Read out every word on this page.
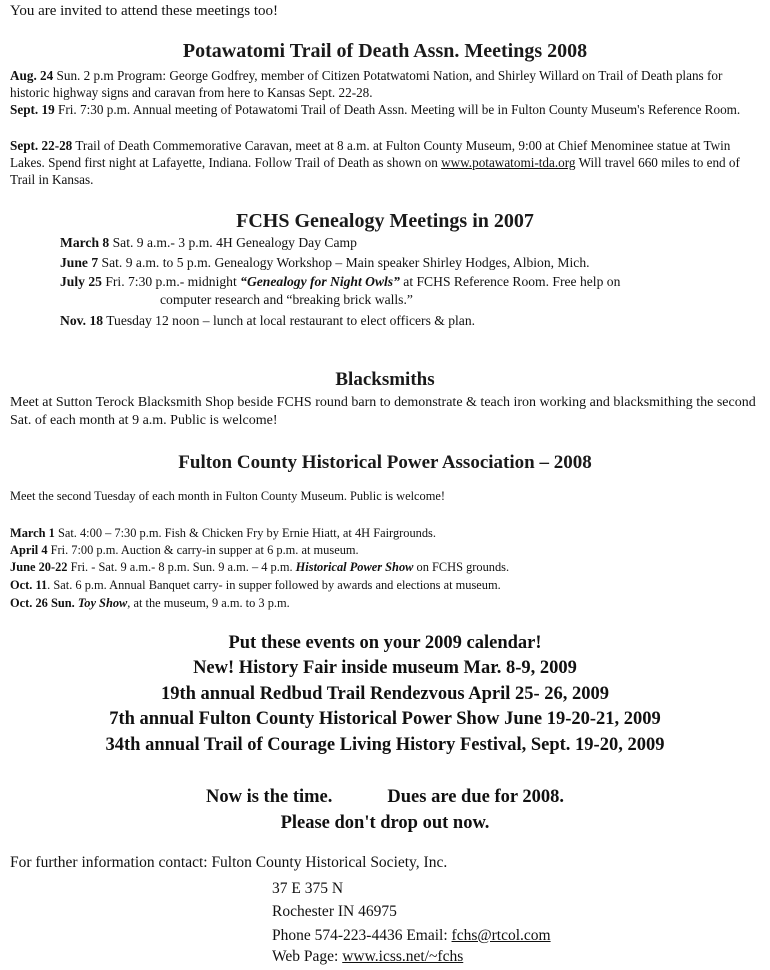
You are invited to attend these meetings too!
Potawatomi Trail of Death Assn. Meetings 2008
Aug. 24 Sun. 2 p.m Program: George Godfrey, member of Citizen Potatwatomi Nation, and Shirley Willard on Trail of Death plans for historic highway signs and caravan from here to Kansas Sept. 22-28.
Sept. 19 Fri. 7:30 p.m. Annual meeting of Potawatomi Trail of Death Assn. Meeting will be in Fulton County Museum's Reference Room.
Sept. 22-28 Trail of Death Commemorative Caravan, meet at 8 a.m. at Fulton County Museum, 9:00 at Chief Menominee statue at Twin Lakes. Spend first night at Lafayette, Indiana. Follow Trail of Death as shown on www.potawatomi-tda.org Will travel 660 miles to end of Trail in Kansas.
FCHS Genealogy Meetings in 2007
March 8 Sat. 9 a.m.- 3 p.m. 4H Genealogy Day Camp
June 7 Sat. 9 a.m. to 5 p.m. Genealogy Workshop – Main speaker Shirley Hodges, Albion, Mich.
July 25 Fri. 7:30 p.m.- midnight “Genealogy for Night Owls” at FCHS Reference Room. Free help on
computer research and “breaking brick walls.”
Nov. 18 Tuesday 12 noon – lunch at local restaurant to elect officers & plan.
Blacksmiths
Meet at Sutton Terock Blacksmith Shop beside FCHS round barn to demonstrate & teach iron working and blacksmithing the second Sat. of each month at 9 a.m. Public is welcome!
Fulton County Historical Power Association – 2008
Meet the second Tuesday of each month in Fulton County Museum. Public is welcome!
March 1 Sat. 4:00 – 7:30 p.m. Fish & Chicken Fry by Ernie Hiatt, at 4H Fairgrounds.
April 4 Fri. 7:00 p.m. Auction & carry-in supper at 6 p.m. at museum.
June 20-22 Fri. - Sat. 9 a.m.- 8 p.m. Sun. 9 a.m. – 4 p.m. Historical Power Show on FCHS grounds.
Oct. 11. Sat. 6 p.m. Annual Banquet carry- in supper followed by awards and elections at museum.
Oct. 26 Sun. Toy Show, at the museum, 9 a.m. to 3 p.m.
Put these events on your 2009 calendar!
New! History Fair inside museum Mar. 8-9, 2009
19th annual Redbud Trail Rendezvous April 25- 26, 2009
7th annual Fulton County Historical Power Show June 19-20-21, 2009
34th annual Trail of Courage Living History Festival, Sept. 19-20, 2009
Now is the time.	Dues are due for 2008.
Please don't drop out now.
For further information contact: Fulton County Historical Society, Inc.
37 E 375 N
Rochester IN 46975
Phone 574-223-4436 Email: fchs@rtcol.com
Web Page: www.icss.net/~fchs
